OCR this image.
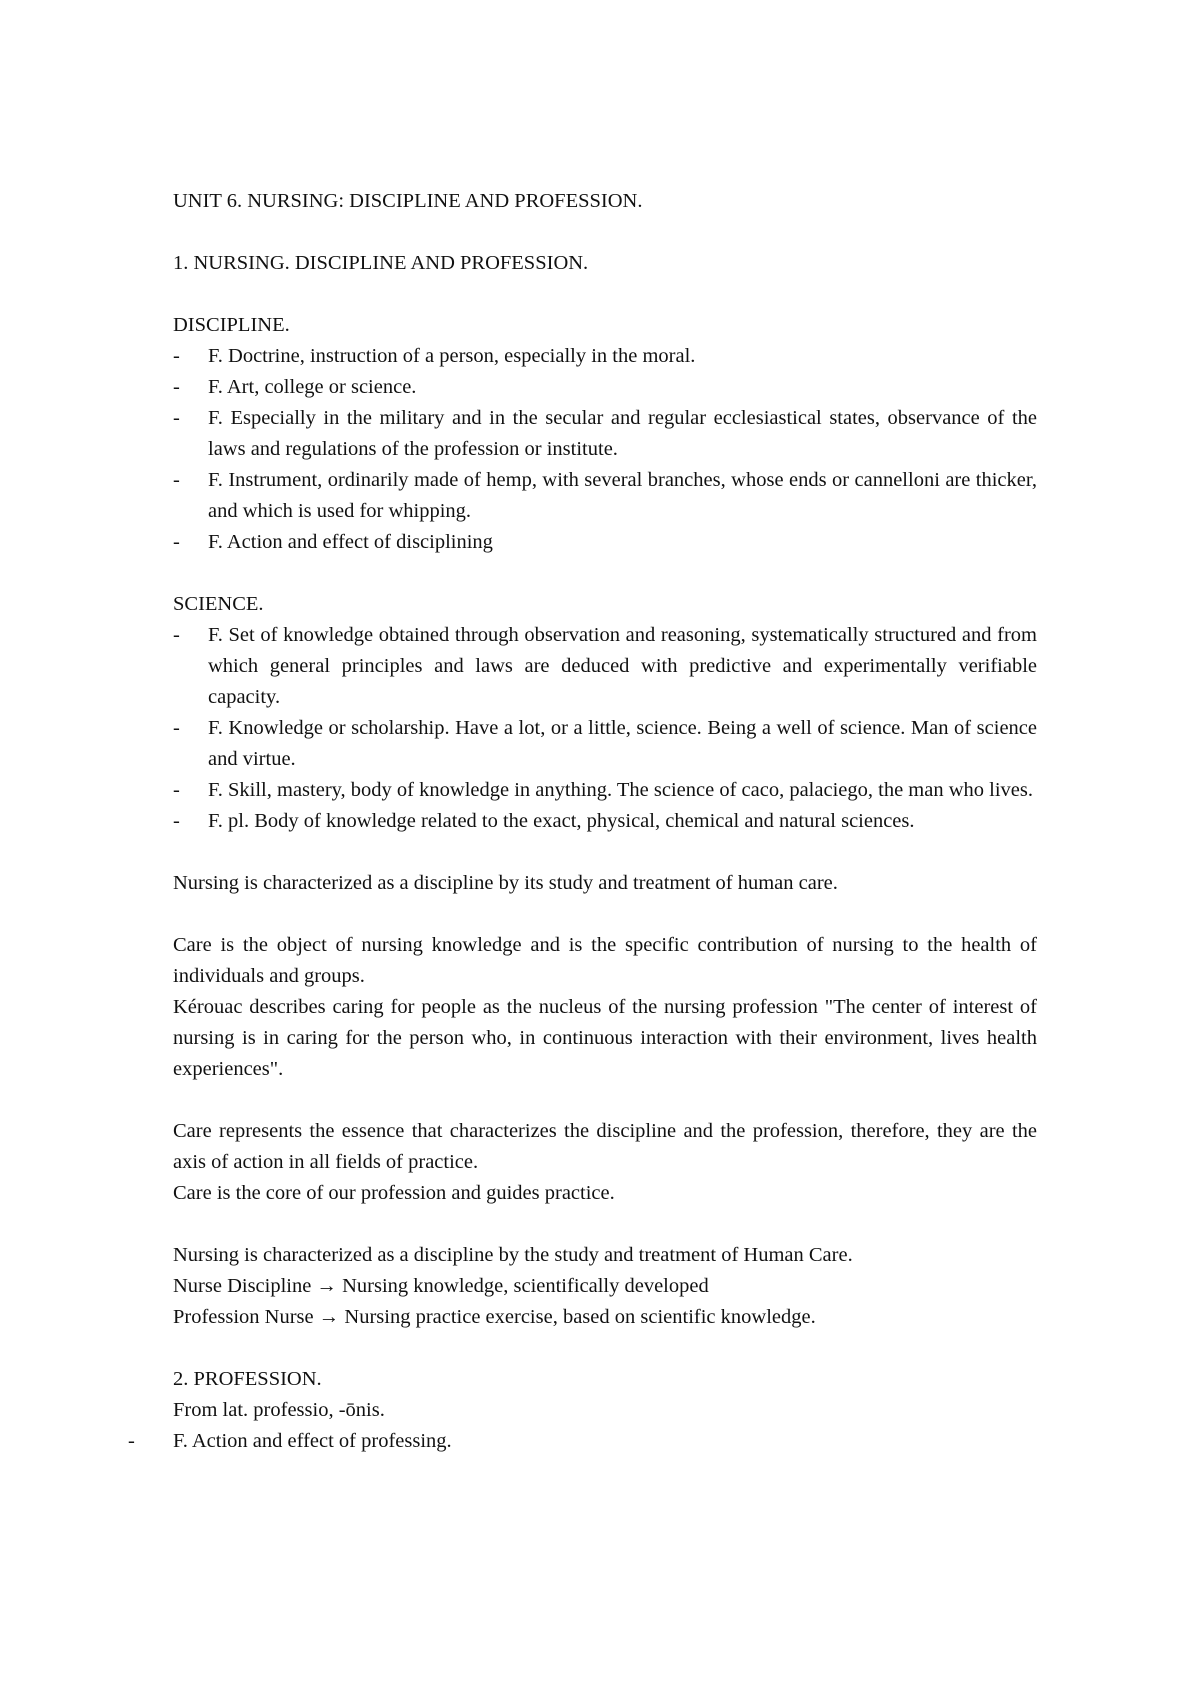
UNIT 6. NURSING: DISCIPLINE AND PROFESSION.

1. NURSING. DISCIPLINE AND PROFESSION.

DISCIPLINE.

- F. Doctrine, instruction of a person, especially in the moral.
- F. Art, college or science.
- F. Especially in the military and in the secular and regular ecclesiastical states, observance of the laws and regulations of the profession or institute.
- F. Instrument, ordinarily made of hemp, with several branches, whose ends or cannelloni are thicker, and which is used for whipping.
- F. Action and effect of disciplining

SCIENCE.

- F. Set of knowledge obtained through observation and reasoning, systematically structured and from which general principles and laws are deduced with predictive and experimentally verifiable capacity.
- F. Knowledge or scholarship. Have a lot, or a little, science. Being a well of science. Man of science and virtue.
- F. Skill, mastery, body of knowledge in anything. The science of caco, palaciego, the man who lives.
- F. pl. Body of knowledge related to the exact, physical, chemical and natural sciences.

Nursing is characterized as a discipline by its study and treatment of human care.

Care is the object of nursing knowledge and is the specific contribution of nursing to the health of individuals and groups.

Kérouac describes caring for people as the nucleus of the nursing profession "The center of interest of nursing is in caring for the person who, in continuous interaction with their environment, lives health experiences".

Care represents the essence that characterizes the discipline and the profession, therefore, they are the axis of action in all fields of practice.

Care is the core of our profession and guides practice.

Nursing is characterized as a discipline by the study and treatment of Human Care.

Nurse Discipline → Nursing knowledge, scientifically developed

Profession Nurse → Nursing practice exercise, based on scientific knowledge.

2. PROFESSION.

From lat. professio, -ōnis.

- F. Action and effect of professing.
